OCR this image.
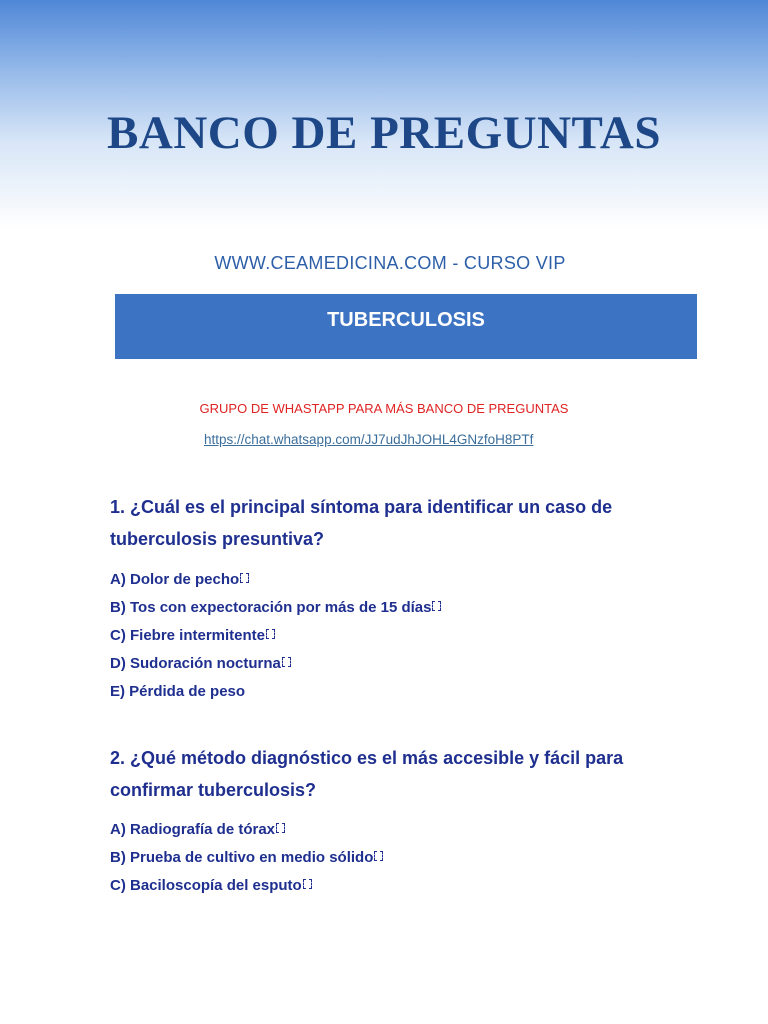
BANCO DE PREGUNTAS
WWW.CEAMEDICINA.COM - CURSO VIP
TUBERCULOSIS
GRUPO DE WHASTAPP PARA MÁS BANCO DE PREGUNTAS
https://chat.whatsapp.com/JJ7udJhJOHL4GNzfoH8PTf
1. ¿Cuál es el principal síntoma para identificar un caso de tuberculosis presuntiva?
A) Dolor de pecho
B) Tos con expectoración por más de 15 días
C) Fiebre intermitente
D) Sudoración nocturna
E) Pérdida de peso
2. ¿Qué método diagnóstico es el más accesible y fácil para confirmar tuberculosis?
A) Radiografía de tórax
B) Prueba de cultivo en medio sólido
C) Baciloscopía del esputo
